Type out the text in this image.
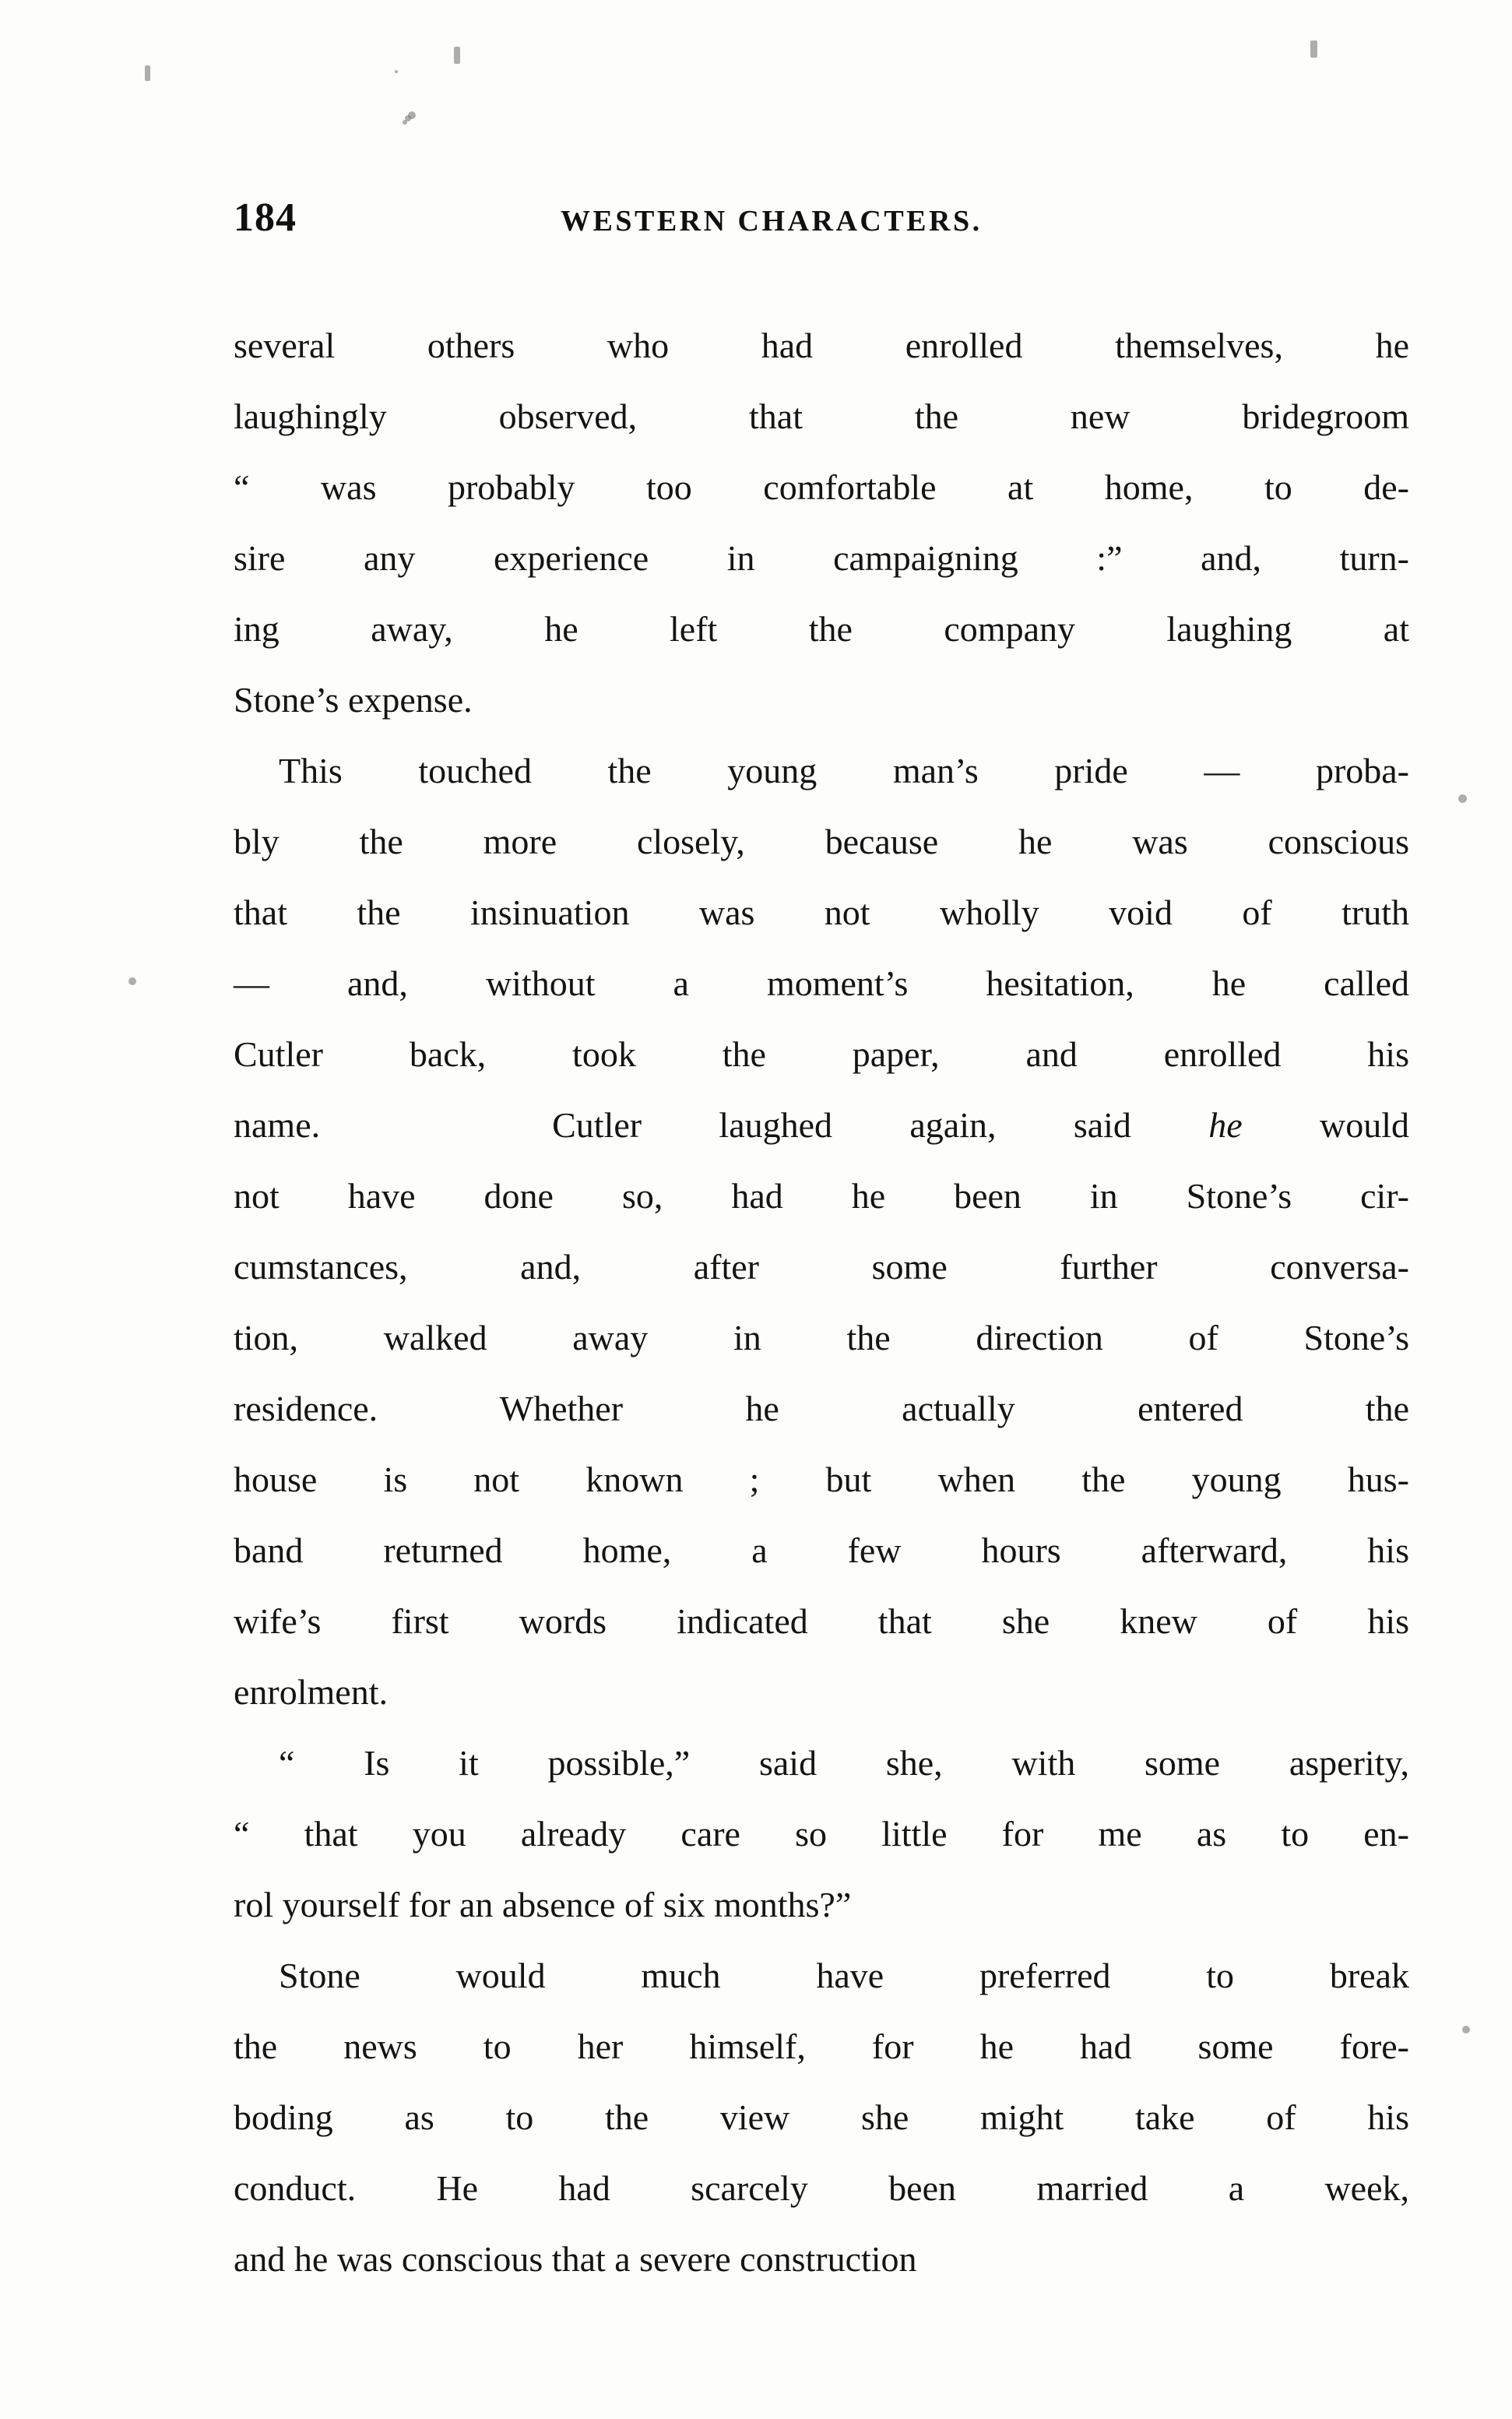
184	WESTERN CHARACTERS.

several others who had enrolled themselves, he
laughingly observed, that the new bridegroom
“ was probably too comfortable at home, to de-
sire any experience in campaigning :” and, turn-
ing away, he left the company laughing at
Stone’s expense.

This touched the young man’s pride — proba-
bly the more closely, because he was conscious
that the insinuation was not wholly void of truth
— and, without a moment’s hesitation, he called
Cutler back, took the paper, and enrolled his
name.   Cutler laughed again, said he would
not have done so, had he been in Stone’s cir-
cumstances, and, after some further conversa-
tion, walked away in the direction of Stone’s
residence. Whether he actually entered the
house is not known ; but when the young hus-
band returned home, a few hours afterward, his
wife’s first words indicated that she knew of his
enrolment.

“ Is it possible,” said she, with some asperity,
“ that you already care so little for me as to en-
rol yourself for an absence of six months?”

Stone would much have preferred to break
the news to her himself, for he had some fore-
boding as to the view she might take of his
conduct. He had scarcely been married a week,
and he was conscious that a severe construction
